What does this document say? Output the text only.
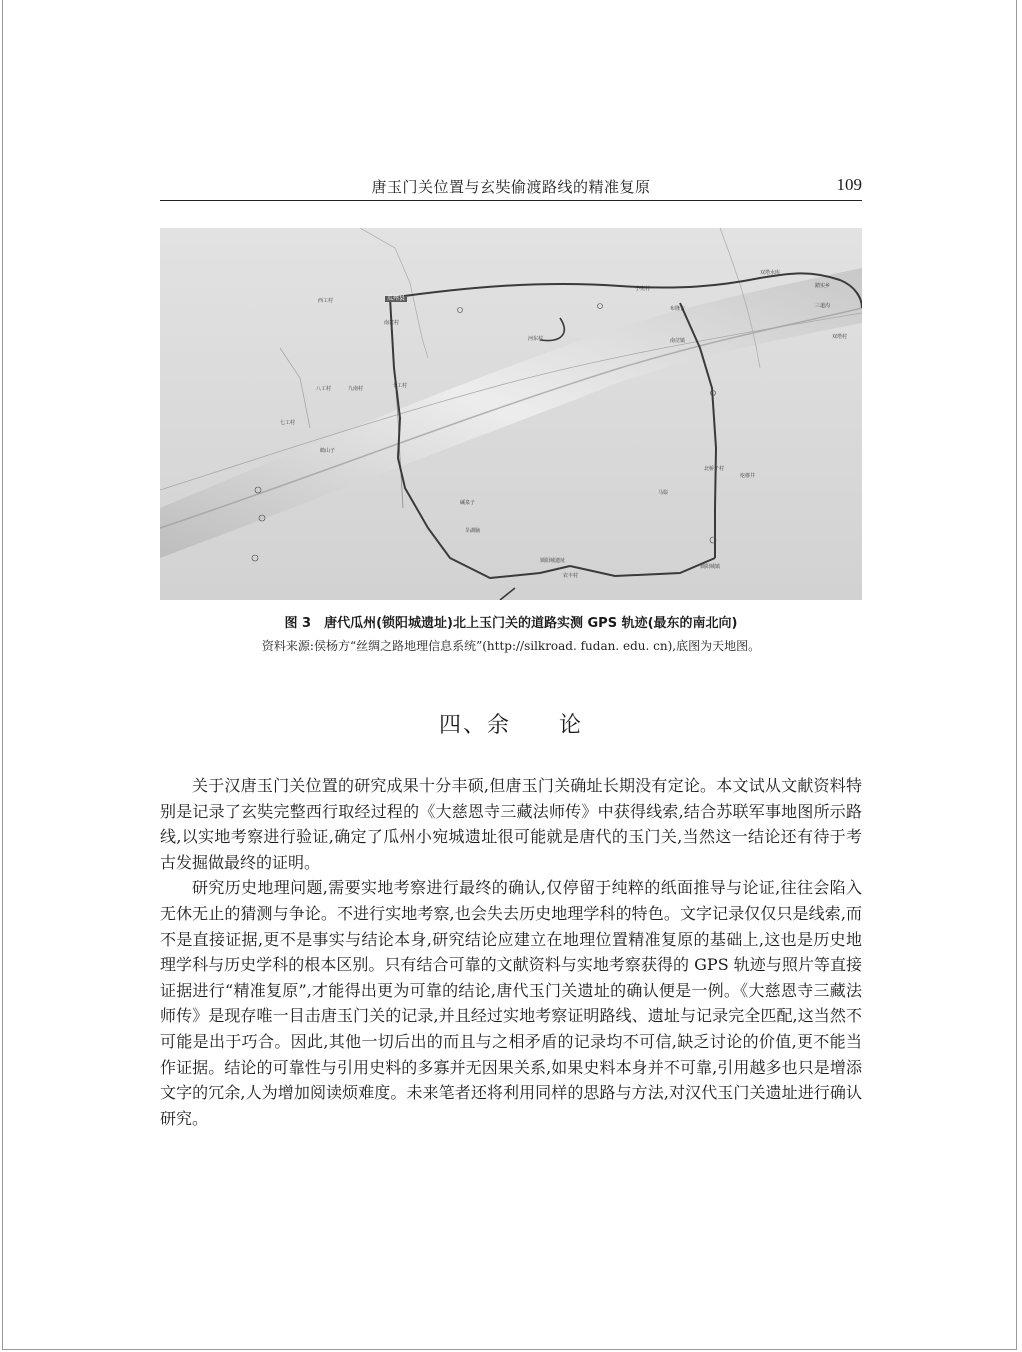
唐玉门关位置与玄奘偷渡路线的精准复原	109
瓜州县
西工村
小宛村
双塔水库
踏实乡
八工村	九南村	十工村
七工村
锁阳城遗址
南岔村
碱泉子
马鬃
北桥子村
锁阳城镇
双塔村
三道沟
鹤山子
旱湖脑
农丰村
疙瘩井
布隆吉
河东村	南岔镇
图 3　唐代瓜州(锁阳城遗址)北上玉门关的道路实测 GPS 轨迹(最东的南北向)
资料来源:侯杨方“丝绸之路地理信息系统”(http://silkroad. fudan. edu. cn),底图为天地图。
四、余　　论

关于汉唐玉门关位置的研究成果十分丰硕,但唐玉门关确址长期没有定论。本文试从文献资料特别是记录了玄奘完整西行取经过程的《大慈恩寺三藏法师传》中获得线索,结合苏联军事地图所示路线,以实地考察进行验证,确定了瓜州小宛城遗址很可能就是唐代的玉门关,当然这一结论还有待于考古发掘做最终的证明。

研究历史地理问题,需要实地考察进行最终的确认,仅停留于纯粹的纸面推导与论证,往往会陷入无休无止的猜测与争论。不进行实地考察,也会失去历史地理学科的特色。文字记录仅仅只是线索,而不是直接证据,更不是事实与结论本身,研究结论应建立在地理位置精准复原的基础上,这也是历史地理学科与历史学科的根本区别。只有结合可靠的文献资料与实地考察获得的 GPS 轨迹与照片等直接证据进行“精准复原”,才能得出更为可靠的结论,唐代玉门关遗址的确认便是一例。《大慈恩寺三藏法师传》是现存唯一目击唐玉门关的记录,并且经过实地考察证明路线、遗址与记录完全匹配,这当然不可能是出于巧合。因此,其他一切后出的而且与之相矛盾的记录均不可信,缺乏讨论的价值,更不能当作证据。结论的可靠性与引用史料的多寡并无因果关系,如果史料本身并不可靠,引用越多也只是增添文字的冗余,人为增加阅读烦难度。未来笔者还将利用同样的思路与方法,对汉代玉门关遗址进行确认研究。
